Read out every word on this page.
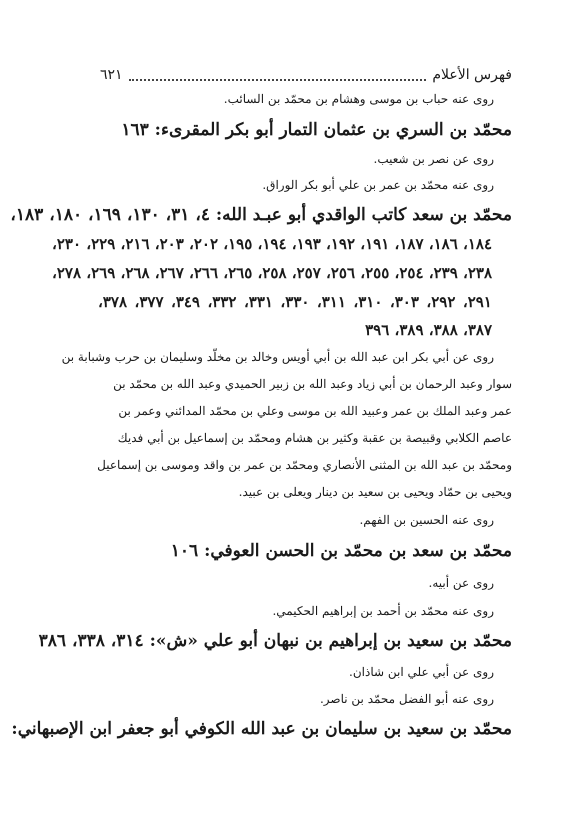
فهرس الأعلام
٦٢١
روى عنه حباب بن موسى وهشام بن محمّد بن السائب.
محمّد بن السري بن عثمان التمار أبو بكر المقرىء: ١٦٣
روى عن نصر بن شعيب.
روى عنه محمّد بن عمر بن علي أبو بكر الوراق.
محمّد بن سعد كاتب الواقدي أبو عبـد الله: ٤، ٣١، ١٣٠، ١٦٩، ١٨٠، ١٨٣،
١٨٤، ١٨٦، ١٨٧، ١٩١، ١٩٢، ١٩٣، ١٩٤، ١٩٥، ٢٠٢، ٢٠٣، ٢١٦، ٢٢٩، ٢٣٠،
٢٣٨، ٢٣٩، ٢٥٤، ٢٥٥، ٢٥٦، ٢٥٧، ٢٥٨، ٢٦٥، ٢٦٦، ٢٦٧، ٢٦٨، ٢٦٩، ٢٧٨،
٢٩١، ٢٩٢، ٣٠٣، ٣١٠، ٣١١، ٣٣٠، ٣٣١، ٣٣٢، ٣٤٩، ٣٧٧، ٣٧٨،
٣٨٧، ٣٨٨، ٣٨٩، ٣٩٦
روى عن أبي بكر ابن عبد الله بن أبي أويس وخالد بن مخلّد وسليمان بن حرب وشبابة بن
سوار وعبد الرحمان بن أبي زياد وعبد الله بن زبير الحميدي وعبد الله بن محمّد بن
عمر وعبد الملك بن عمر وعبيد الله بن موسى وعلي بن محمّد المدائني وعمر بن
عاصم الكلابي وقبيصة بن عقبة وكثير بن هشام ومحمّد بن إسماعيل بن أبي فديك
ومحمّد بن عبد الله بن المثنى الأنصاري ومحمّد بن عمر بن واقد وموسى بن إسماعيل
ويحيى بن حمّاد ويحيى بن سعيد بن دينار ويعلى بن عبيد.
روى عنه الحسين بن الفهم.
محمّد بن سعد بن محمّد بن الحسن العوفي: ١٠٦
روى عن أبيه.
روى عنه محمّد بن أحمد بن إبراهيم الحكيمي.
محمّد بن سعيد بن إبراهيم بن نبهان أبو علي «ش»: ٣١٤، ٣٣٨، ٣٨٦
روى عن أبي علي ابن شاذان.
روى عنه أبو الفضل محمّد بن ناصر.
محمّد بن سعيد بن سليمان بن عبد الله الكوفي أبو جعفر ابن الإصبهاني:
